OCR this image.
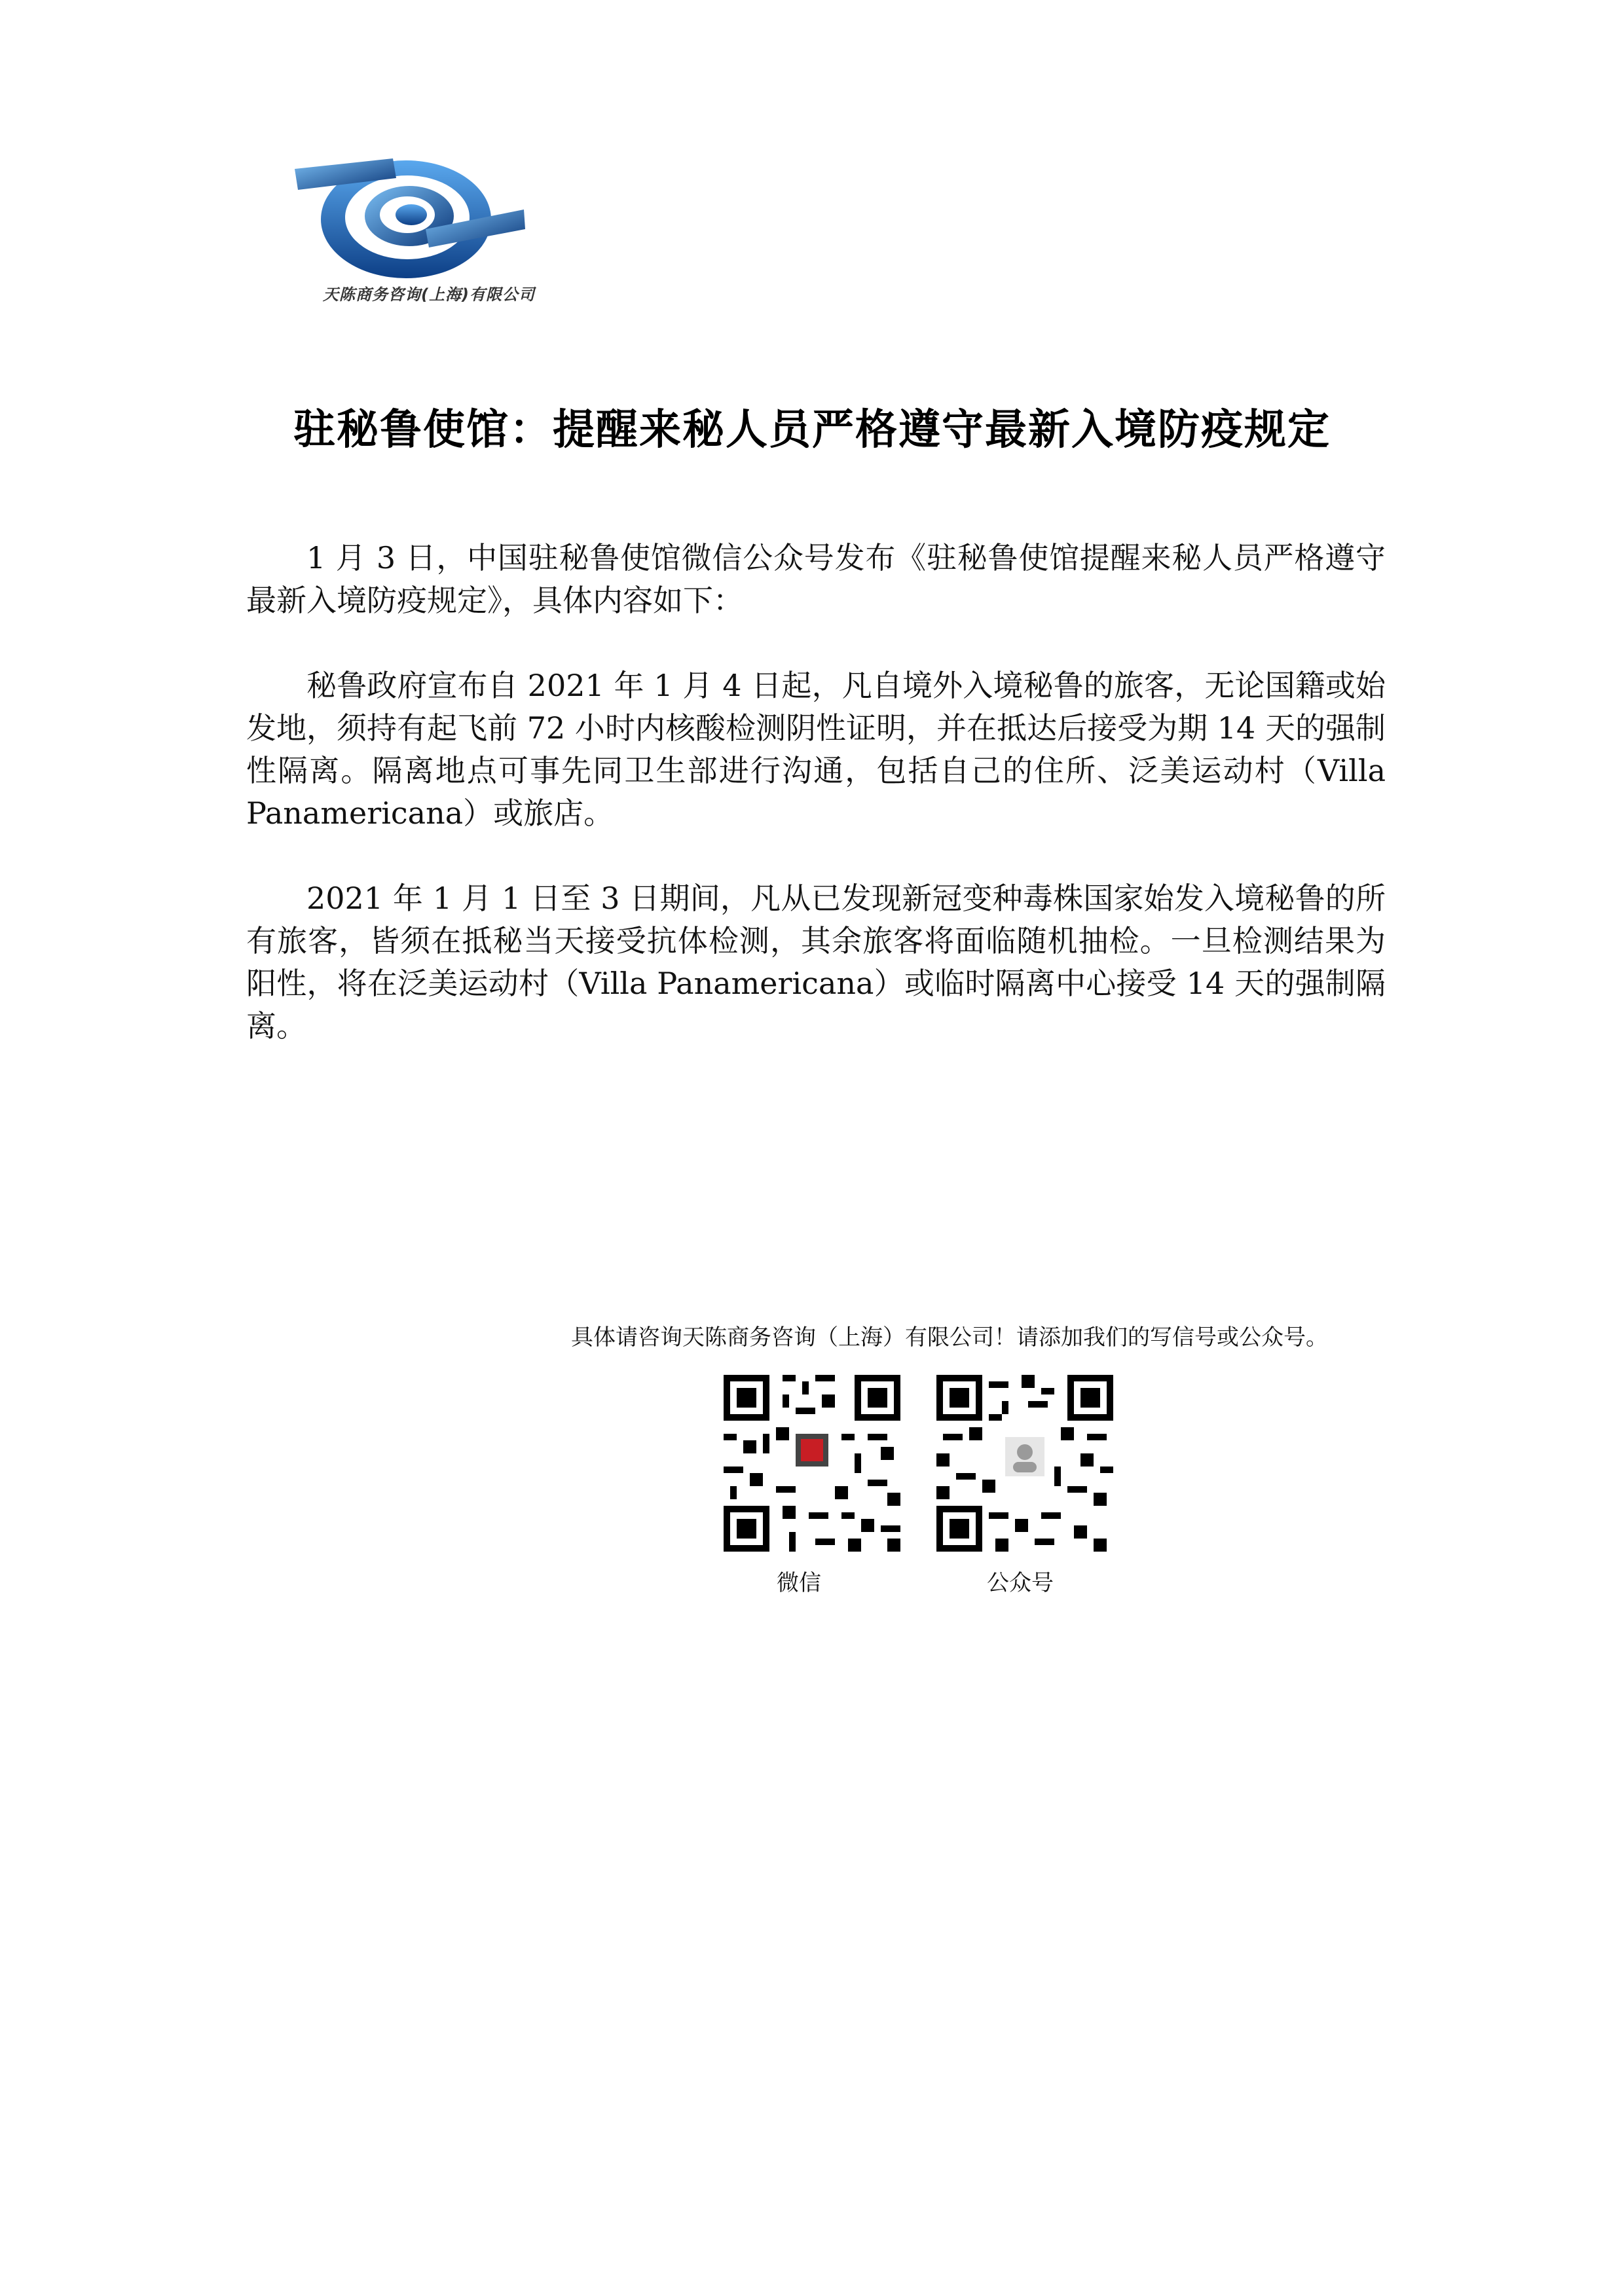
天陈商务咨询(上海)有限公司
驻秘鲁使馆：提醒来秘人员严格遵守最新入境防疫规定

1 月 3 日，中国驻秘鲁使馆微信公众号发布《驻秘鲁使馆提醒来秘人员严格遵守最新入境防疫规定》，具体内容如下：

秘鲁政府宣布自 2021 年 1 月 4 日起，凡自境外入境秘鲁的旅客，无论国籍或始发地，须持有起飞前 72 小时内核酸检测阴性证明，并在抵达后接受为期 14 天的强制性隔离。隔离地点可事先同卫生部进行沟通，包括自己的住所、泛美运动村（Villa Panamericana）或旅店。

2021 年 1 月 1 日至 3 日期间，凡从已发现新冠变种毒株国家始发入境秘鲁的所有旅客，皆须在抵秘当天接受抗体检测，其余旅客将面临随机抽检。一旦检测结果为阳性，将在泛美运动村（Villa Panamericana）或临时隔离中心接受 14 天的强制隔离。

具体请咨询天陈商务咨询（上海）有限公司！请添加我们的写信号或公众号。
微信	公众号
